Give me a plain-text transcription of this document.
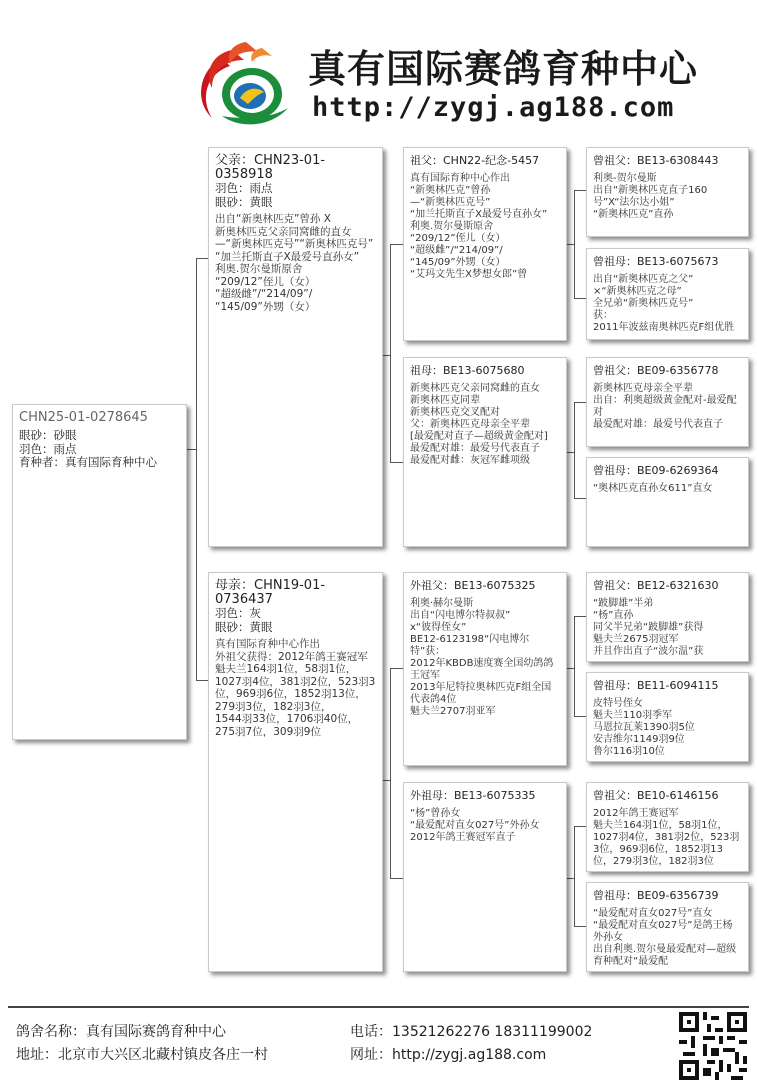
真有国际赛鸽育种中心
http://zygj.ag188.com
CHN25-01-0278645
眼砂：砂眼
羽色：雨点
育种者：真有国际育种中心
父亲：CHN23-01-0358918
羽色：雨点
眼砂：黄眼
出自“新奥林匹克”曾孙 X
新奥林匹克父亲同窝雌的直女
—“新奥林匹克号”“新奥林匹克号”
“加兰托斯直子X最爱号直孙女”
利奥.贺尔曼斯原舍
“209/12”侄儿（女）
“超级雌”/“214/09”/
“145/09”外甥（女）
母亲：CHN19-01-0736437
羽色：灰
眼砂：黄眼
真有国际育种中心作出
外祖父获得：2012年鸽王赛冠军
魁夫兰164羽1位，58羽1位，
1027羽4位，381羽2位，523羽3位，969羽6位，1852羽13位，279羽3位，182羽3位，
1544羽33位，1706羽40位，
275羽7位，309羽9位
祖父：CHN22-纪念-5457
真有国际育种中心作出
“新奥林匹克”曾孙
—“新奥林匹克号”
“加兰托斯直子X最爱号直孙女”
利奥.贺尔曼斯原舍
“209/12”侄儿（女）
“超级雌”/“214/09”/
“145/09”外甥（女）
“艾玛文先生X梦想女郎”曾
祖母：BE13-6075680
新奥林匹克父亲同窝雌的直女
新奥林匹克同辈
新奥林匹克交叉配对
父：新奥林匹克母亲全平辈
[最爱配对直子—超级黄金配对]
最爱配对雄：最爱号代表直子
最爱配对雌：灰冠军雌项级
外祖父：BE13-6075325
利奥·赫尔曼斯
出自“闪电博尔特叔叔”
x“彼得侄女”
BE12-6123198“闪电博尔特”获：
2012年KBDB速度赛全国幼鸽鸽王冠军
2013年尼特拉奥林匹克F组全国代表鸽4位
魁夫兰2707羽亚军
外祖母：BE13-6075335
“杨”曾孙女
“最爱配对直女027号”外孙女
2012年鸽王赛冠军直子
曾祖父：BE13-6308443
利奥-贺尔曼斯
出自“新奥林匹克直子160号”X“法尔达小姐”
“新奥林匹克”直孙
曾祖母：BE13-6075673
出自“新奥林匹克之父”
×“新奥林匹克之母”
全兄弟“新奥林匹克号”
获：
2011年波兹南奥林匹克F组优胜
曾祖父：BE09-6356778
新奥林匹克母亲全平辈
出自：利奥超级黄金配对-最爱配对
最爱配对雄：最爱号代表直子
曾祖母：BE09-6269364
“奥林匹克直孙女611”直女
曾祖父：BE12-6321630
“跛脚雄”半弟
“杨”直孙
同父半兄弟“跛脚雄”获得
魁夫兰2675羽冠军
并且作出直子“波尔温”获
曾祖母：BE11-6094115
皮特号侄女
魁夫兰110羽季军
马恩拉瓦莱1390羽5位
安吉维尔1149羽9位
鲁尔116羽10位
曾祖父：BE10-6146156
2012年鸽王赛冠军
魁夫兰164羽1位，58羽1位，
1027羽4位，381羽2位，523羽3位，969羽6位，1852羽13位，279羽3位，182羽3位
曾祖母：BE09-6356739
“最爱配对直女027号”直女
“最爱配对直女027号”是鸽王杨外孙女
出自利奥.贺尔曼最爱配对—超级育种配对“最爱配
鸽舍名称：真有国际赛鸽育种中心
地址：北京市大兴区北藏村镇皮各庄一村
电话：13521262276 18311199002
网址：http://zygj.ag188.com
